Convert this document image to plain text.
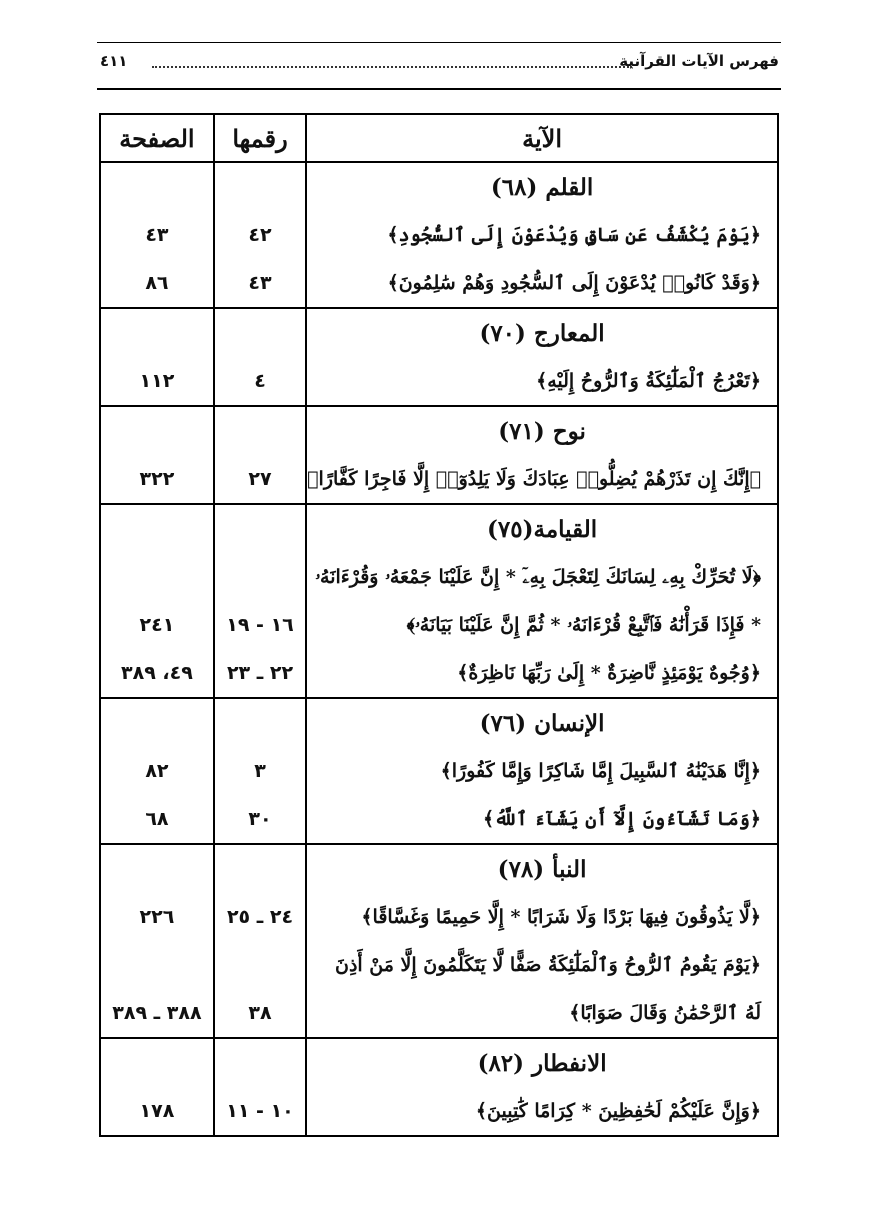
فهرس الآيات القرآنية
٤١١
الآية	رقمها	الصفحة
القلم (٦٨)		
﴿يَوْمَ يُكْشَفُ عَن سَاقٍ وَيُدْعَوْنَ إِلَى ٱلسُّجُودِ﴾	٤٢	٤٣
﴿وَقَدْ كَانُوا۟ يُدْعَوْنَ إِلَى ٱلسُّجُودِ وَهُمْ سَٰلِمُونَ﴾	٤٣	٨٦
المعارج (٧٠)		
﴿تَعْرُجُ ٱلْمَلَٰٓئِكَةُ وَٱلرُّوحُ إِلَيْهِ﴾	٤	١١٢
نوح (٧١)		
﴿إِنَّكَ إِن تَذَرْهُمْ يُضِلُّوا۟ عِبَادَكَ وَلَا يَلِدُوٓا۟ إِلَّا فَاجِرًا كَفَّارًا﴾	٢٧	٣٢٢
القيامة(٧٥)		
﴿لَا تُحَرِّكْ بِهِۦ لِسَانَكَ لِتَعْجَلَ بِهِۦٓ * إِنَّ عَلَيْنَا جَمْعَهُۥ وَقُرْءَانَهُۥ		
* فَإِذَا قَرَأْنَٰهُ فَٱتَّبِعْ قُرْءَانَهُۥ * ثُمَّ إِنَّ عَلَيْنَا بَيَانَهُۥ﴾	١٦ - ١٩	٢٤١
﴿وُجُوهٌ يَوْمَئِذٍ نَّاضِرَةٌ * إِلَىٰ رَبِّهَا نَاظِرَةٌ﴾	٢٢ ـ ٢٣	٤٩، ٣٨٩
الإنسان (٧٦)		
﴿إِنَّا هَدَيْنَٰهُ ٱلسَّبِيلَ إِمَّا شَاكِرًا وَإِمَّا كَفُورًا﴾	٣	٨٢
﴿وَمَا تَشَآءُونَ إِلَّآ أَن يَشَآءَ ٱللَّهُ﴾	٣٠	٦٨
النبأ (٧٨)		
﴿لَّا يَذُوقُونَ فِيهَا بَرْدًا وَلَا شَرَابًا * إِلَّا حَمِيمًا وَغَسَّاقًا﴾	٢٤ ـ ٢٥	٢٢٦
﴿يَوْمَ يَقُومُ ٱلرُّوحُ وَٱلْمَلَٰٓئِكَةُ صَفًّا لَّا يَتَكَلَّمُونَ إِلَّا مَنْ أَذِنَ		
لَهُ ٱلرَّحْمَٰنُ وَقَالَ صَوَابًا﴾	٣٨	٣٨٨ ـ ٣٨٩
الانفطار (٨٢)		
﴿وَإِنَّ عَلَيْكُمْ لَحَٰفِظِينَ * كِرَامًا كَٰتِبِينَ﴾	١٠ - ١١	١٧٨
